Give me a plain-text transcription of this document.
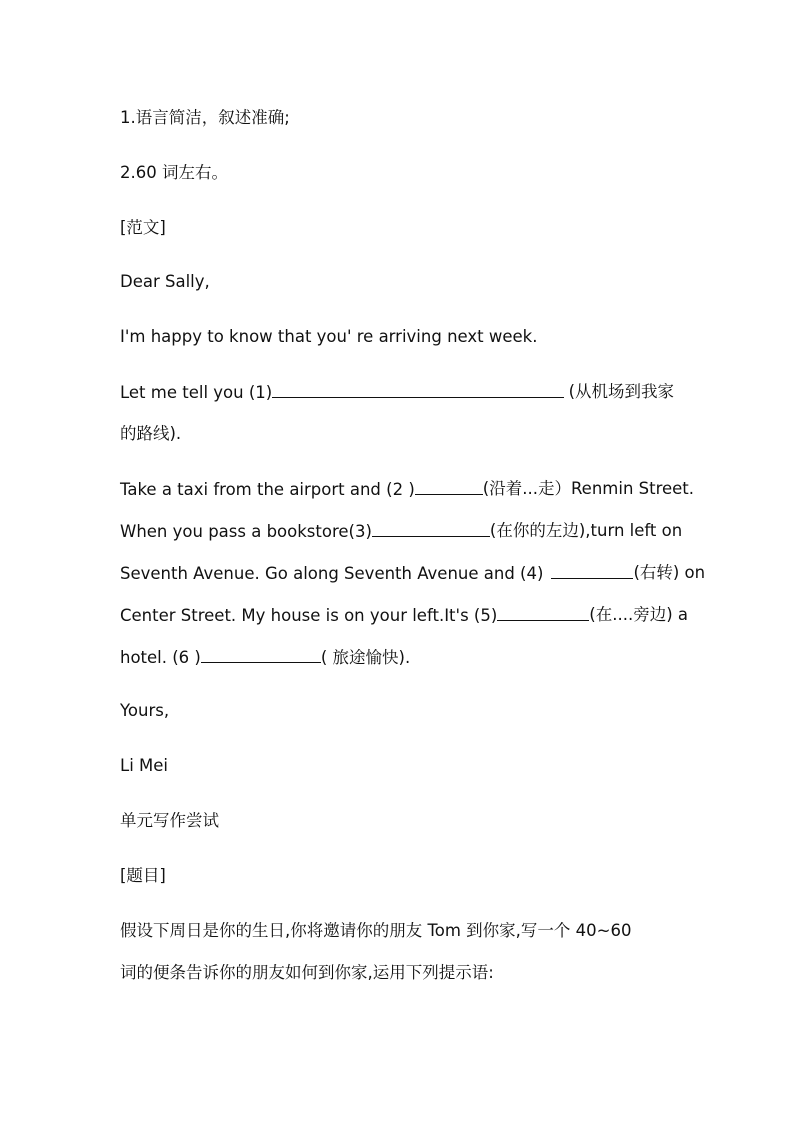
1.语言简洁，叙述准确;
2.60 词左右。
[范文]
Dear Sally,
I'm happy to know that you' re arriving next week.
Let me tell you (1)	(从机场到我家
的路线).
Take a taxi from the airport and (2 )	(沿着...走）Renmin Street.
When you pass a bookstore(3)	(在你的左边),turn left on
Seventh Avenue. Go along Seventh Avenue and (4)	(右转) on
Center Street. My house is on your left.It's (5)	(在....旁边) a
hotel. (6 )	( 旅途愉快).
Yours,
Li Mei
单元写作尝试
[题目]
假设下周日是你的生日,你将邀请你的朋友 Tom 到你家,写一个 40~60
词的便条告诉你的朋友如何到你家,运用下列提示语:
